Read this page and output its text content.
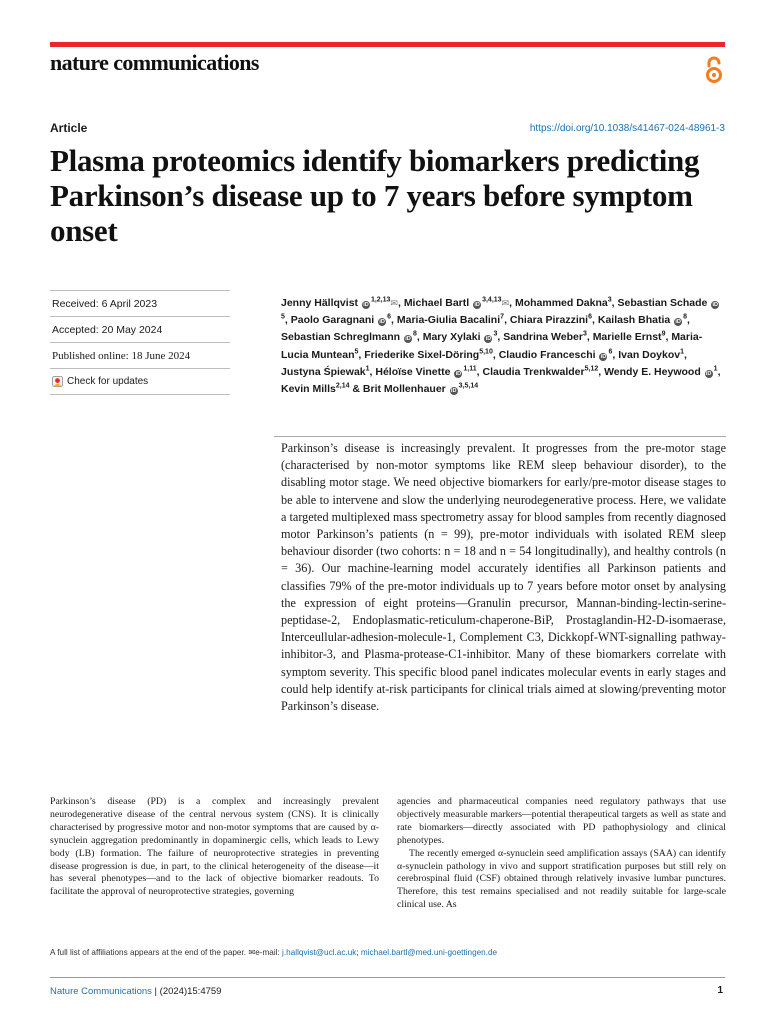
nature communications
Article	https://doi.org/10.1038/s41467-024-48961-3
Plasma proteomics identify biomarkers predicting Parkinson’s disease up to 7 years before symptom onset
Received: 6 April 2023
Accepted: 20 May 2024
Published online: 18 June 2024
Check for updates
Jenny Hällqvist iD$^{1,2,13}$✉, Michael Bartl iD$^{3,4,13}$✉, Mohammed Dakna$^3$, Sebastian Schade $iD^5$, Paolo Garagnani $iD^6$, Maria-Giulia Bacalini$^7$, Chiara Pirazzini$^6$, Kailash Bhatia $iD^8$, Sebastian Schreglmann $iD^8$, Mary Xylaki $iD^3$, Sandrina Weber$^3$, Marielle Ernst$^9$, Maria-Lucia Muntean$^5$, Friederike Sixel-Döring$^{5,10}$, Claudio Franceschi $iD^6$, Ivan Doykov$^1$, Justyna Śpiewak$^1$, Héloïse Vinette iD$^{1,11}$, Claudia Trenkwalder$^{5,12}$, Wendy E. Heywood $iD^1$, Kevin Mills$^{2,14}$ & Brit Mollenhauer iD$^{3,5,14}$

Parkinson’s disease is increasingly prevalent. It progresses from the pre-motor stage (characterised by non-motor symptoms like REM sleep behaviour disorder), to the disabling motor stage. We need objective biomarkers for early/pre-motor disease stages to be able to intervene and slow the underlying neurodegenerative process. Here, we validate a targeted multiplexed mass spectrometry assay for blood samples from recently diagnosed motor Parkinson’s patients (n = 99), pre-motor individuals with isolated REM sleep behaviour disorder (two cohorts: n = 18 and n = 54 longitudinally), and healthy controls (n = 36). Our machine-learning model accurately identifies all Parkinson patients and classifies 79% of the pre-motor individuals up to 7 years before motor onset by analysing the expression of eight proteins—Granulin precursor, Mannan-binding-lectin-serine-peptidase-2, Endoplasmatic-reticulum-chaperone-BiP, Prostaglandin-H2-D-isomaerase, Interceullular-adhesion-molecule-1, Complement C3, Dickkopf-WNT-signalling pathway-inhibitor-3, and Plasma-protease-C1-inhibitor. Many of these biomarkers correlate with symptom severity. This specific blood panel indicates molecular events in early stages and could help identify at-risk participants for clinical trials aimed at slowing/preventing motor Parkinson’s disease.

Parkinson’s disease (PD) is a complex and increasingly prevalent neurodegenerative disease of the central nervous system (CNS). It is clinically characterised by progressive motor and non-motor symptoms that are caused by α-synuclein aggregation predominantly in dopaminergic cells, which leads to Lewy body (LB) formation. The failure of neuroprotective strategies in preventing disease progression is due, in part, to the clinical heterogeneity of the disease—it has several phenotypes—and to the lack of objective biomarker readouts. To facilitate the approval of neuroprotective strategies, governing

agencies and pharmaceutical companies need regulatory pathways that use objectively measurable markers—potential therapeutical targets as well as state and rate biomarkers—directly associated with PD pathophysiology and clinical phenotypes.

The recently emerged α-synuclein seed amplification assays (SAA) can identify α-synuclein pathology in vivo and support stratification purposes but still rely on cerebrospinal fluid (CSF) obtained through relatively invasive lumbar punctures. Therefore, this test remains specialised and not readily suitable for large-scale clinical use. As

A full list of affiliations appears at the end of the paper. ✉e-mail: j.hallqvist@ucl.ac.uk; michael.bartl@med.uni-goettingen.de
Nature Communications | (2024)15:4759	1
